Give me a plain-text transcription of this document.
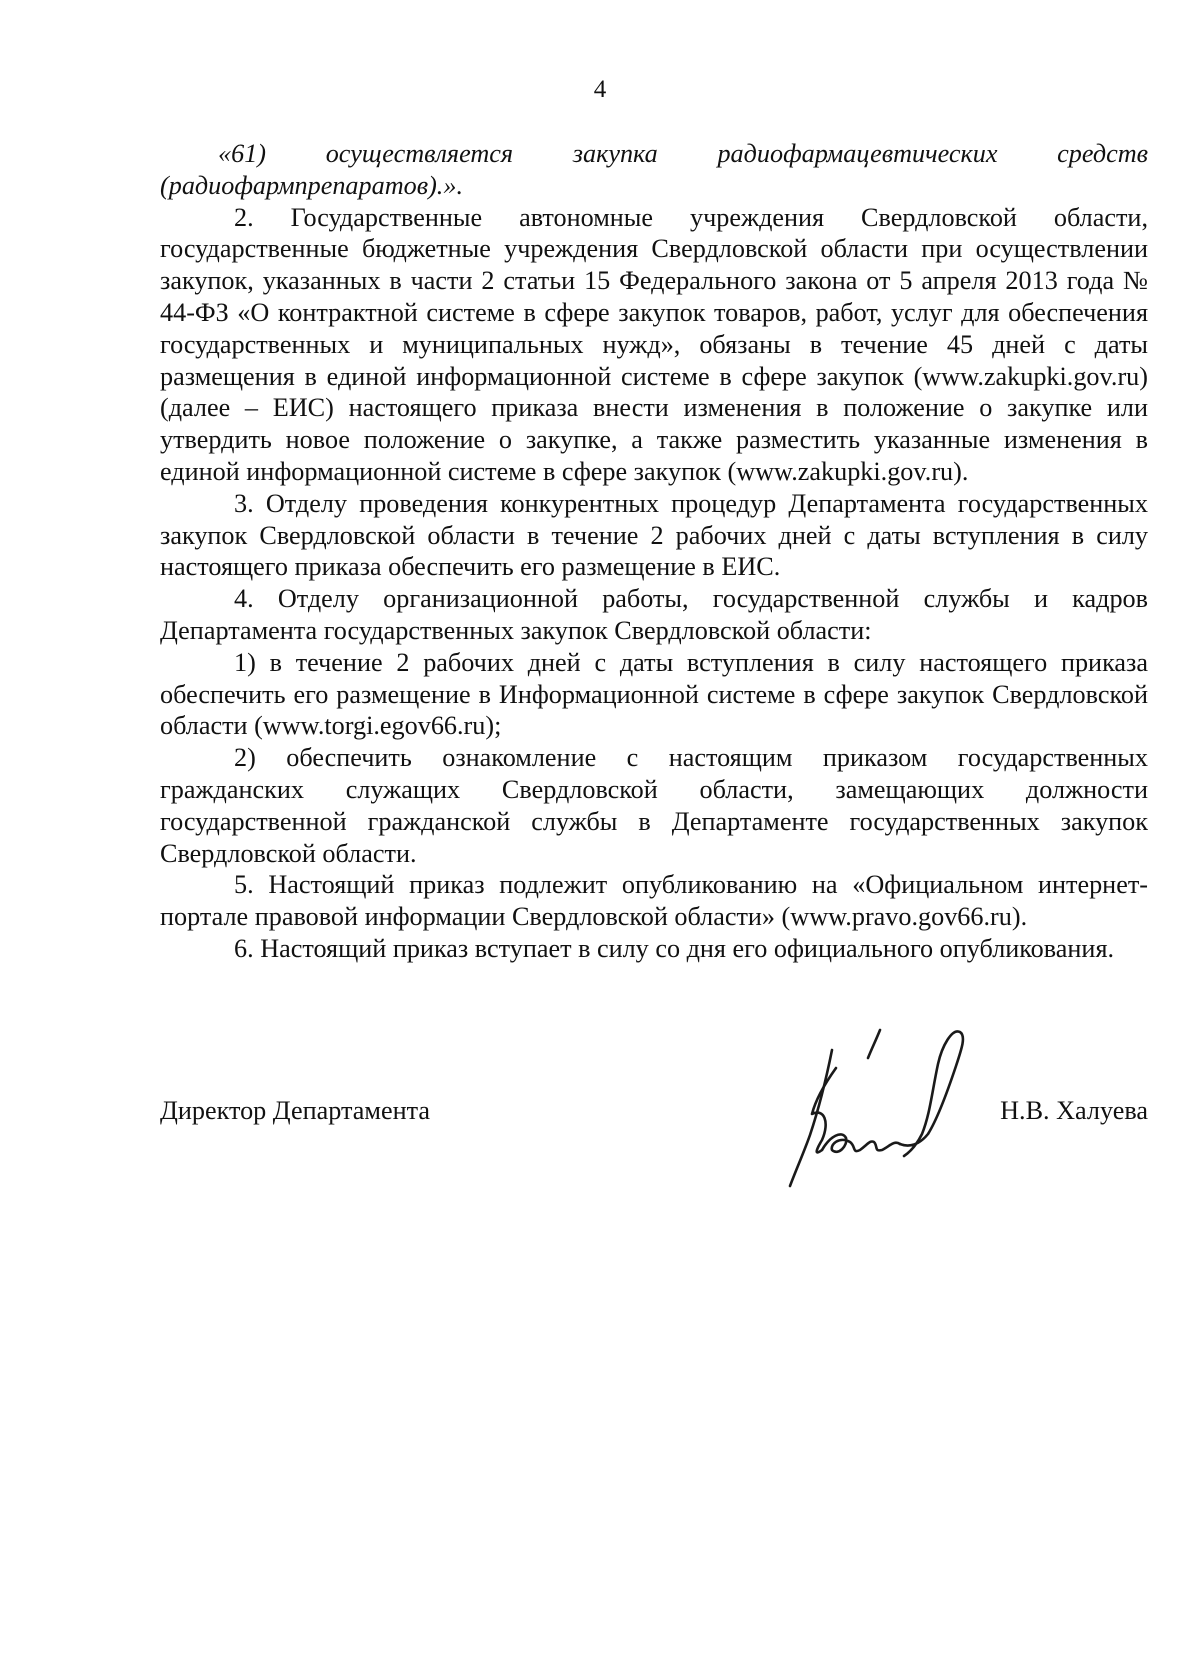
4

«61) осуществляется закупка радиофармацевтических средств (радиофармпрепаратов).».

2. Государственные автономные учреждения Свердловской области, государственные бюджетные учреждения Свердловской области при осуществлении закупок, указанных в части 2 статьи 15 Федерального закона от 5 апреля 2013 года № 44-ФЗ «О контрактной системе в сфере закупок товаров, работ, услуг для обеспечения государственных и муниципальных нужд», обязаны в течение 45 дней с даты размещения в единой информационной системе в сфере закупок (www.zakupki.gov.ru) (далее – ЕИС) настоящего приказа внести изменения в положение о закупке или утвердить новое положение о закупке, а также разместить указанные изменения в единой информационной системе в сфере закупок (www.zakupki.gov.ru).

3. Отделу проведения конкурентных процедур Департамента государственных закупок Свердловской области в течение 2 рабочих дней с даты вступления в силу настоящего приказа обеспечить его размещение в ЕИС.

4. Отделу организационной работы, государственной службы и кадров Департамента государственных закупок Свердловской области:

1) в течение 2 рабочих дней с даты вступления в силу настоящего приказа обеспечить его размещение в Информационной системе в сфере закупок Свердловской области (www.torgi.egov66.ru);

2) обеспечить ознакомление с настоящим приказом государственных гражданских служащих Свердловской области, замещающих должности государственной гражданской службы в Департаменте государственных закупок Свердловской области.

5. Настоящий приказ подлежит опубликованию на «Официальном интернет-портале правовой информации Свердловской области» (www.pravo.gov66.ru).

6. Настоящий приказ вступает в силу со дня его официального опубликования.

Директор Департамента	Н.В. Халуева
